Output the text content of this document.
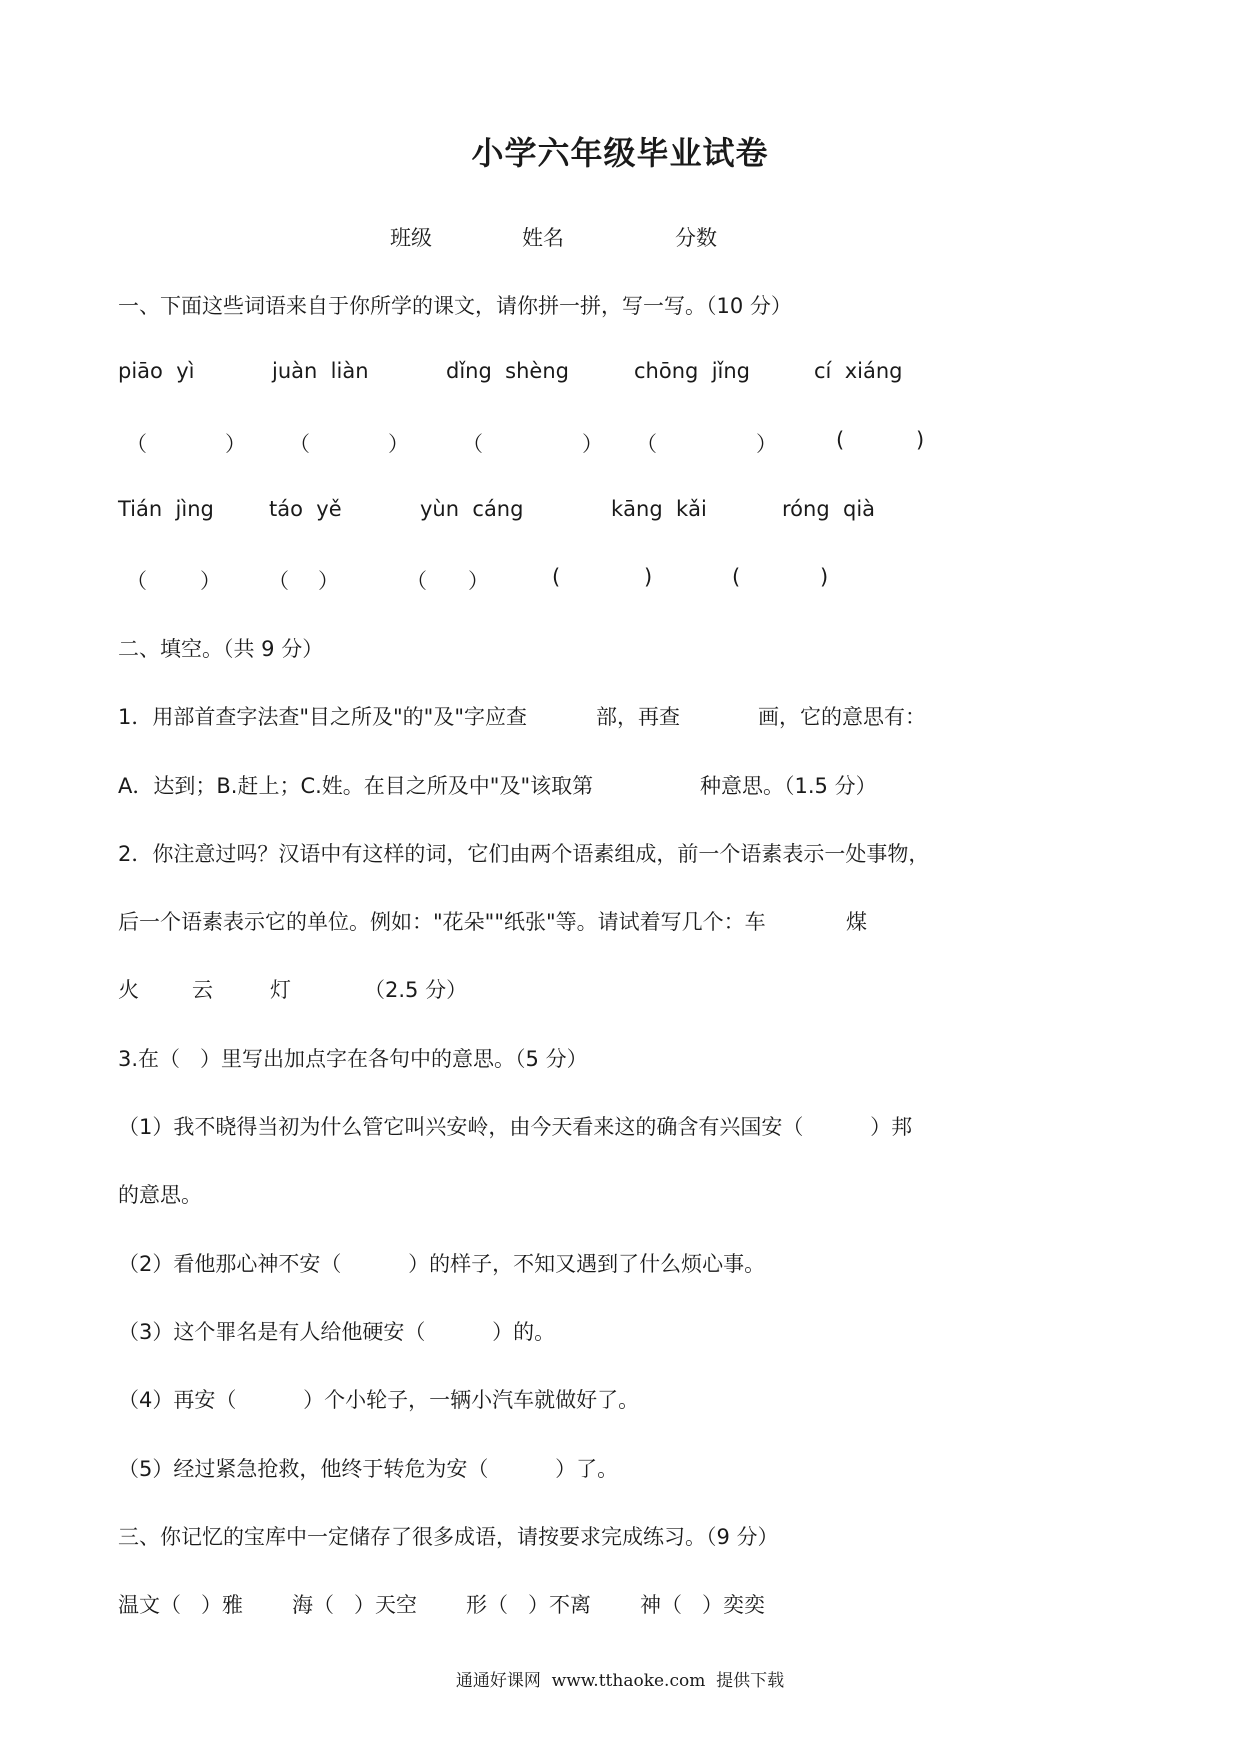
小学六年级毕业试卷
班级	姓名	分数
一、下面这些词语来自于你所学的课文，请你拼一拼，写一写。（10 分）
piāo  yì	juàn  liàn	dǐng  shèng	chōng  jǐng	cí  xiáng
（	） （	）	（	） （	）	(	)
Tián  jìng	táo  yě	yùn  cáng	kāng  kǎi	róng  qià
（	） （ ）	（ ）	(	)	(	)
二、填空。（共 9 分）
1．用部首查字法查"目之所及"的"及"字应查	部，再查	画，它的意思有：
A．达到；B.赶上；C.姓。在目之所及中"及"该取第	种意思。（1.5 分）
2．你注意过吗？汉语中有这样的词，它们由两个语素组成，前一个语素表示一处事物，
后一个语素表示它的单位。例如："花朵""纸张"等。请试着写几个：车	煤
火	云	灯	（2.5 分）
3.在（   ）里写出加点字在各句中的意思。（5 分）
（1）我不晓得当初为什么管它叫兴安岭，由今天看来这的确含有兴国安（          ）邦
的意思。
（2）看他那心神不安（          ）的样子，不知又遇到了什么烦心事。
（3）这个罪名是有人给他硬安（          ）的。
（4）再安（          ）个小轮子，一辆小汽车就做好了。
（5）经过紧急抢救，他终于转危为安（          ）了。
三、你记忆的宝库中一定储存了很多成语，请按要求完成练习。（9 分）
温文（   ）雅 海（   ）天空 形（   ）不离 神（   ）奕奕
通通好课网  www.tthaoke.com  提供下载
